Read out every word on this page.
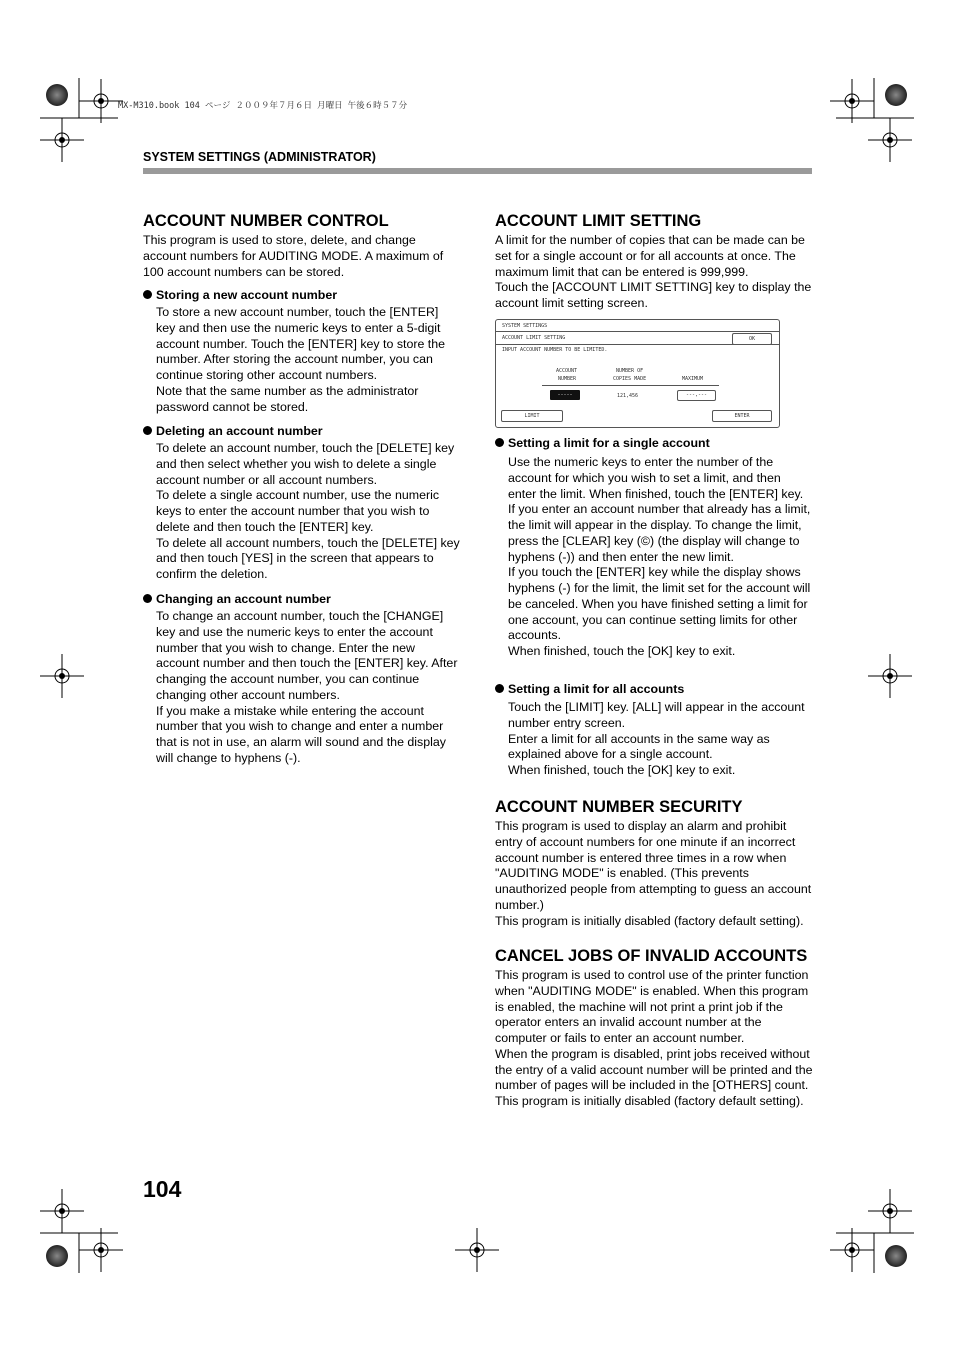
MX-M310.book 104 ページ ２００９年７月６日 月曜日 午後６時５７分
SYSTEM SETTINGS (ADMINISTRATOR)
ACCOUNT NUMBER CONTROL

This program is used to store, delete, and change account numbers for AUDITING MODE. A maximum of 100 account numbers can be stored.

Storing a new account number

To store a new account number, touch the [ENTER] key and then use the numeric keys to enter a 5-digit account number. Touch the [ENTER] key to store the number. After storing the account number, you can continue storing other account numbers.
Note that the same number as the administrator password cannot be stored.

Deleting an account number

To delete an account number, touch the [DELETE] key and then select whether you wish to delete a single account number or all account numbers.
To delete a single account number, use the numeric keys to enter the account number that you wish to delete and then touch the [ENTER] key.
To delete all account numbers, touch the [DELETE] key and then touch [YES] in the screen that appears to confirm the deletion.

Changing an account number

To change an account number, touch the [CHANGE] key and use the numeric keys to enter the account number that you wish to change. Enter the new account number and then touch the [ENTER] key. After changing the account number, you can continue changing other account numbers.
If you make a mistake while entering the account number that you wish to change and enter a number that is not in use, an alarm will sound and the display will change to hyphens (-).

ACCOUNT LIMIT SETTING

A limit for the number of copies that can be made can be set for a single account or for all accounts at once. The maximum limit that can be entered is 999,999.
Touch the [ACCOUNT LIMIT SETTING] key to display the account limit setting screen.

SYSTEM SETTINGS
ACCOUNT LIMIT SETTING	OK
INPUT ACCOUNT NUMBER TO BE LIMITED.
ACCOUNT
NUMBER
NUMBER OF
COPIES MADE	MAXIMUM
-----	121,456	---,---
LIMIT	ENTER
Setting a limit for a single account

Use the numeric keys to enter the number of the account for which you wish to set a limit, and then enter the limit. When finished, touch the [ENTER] key.
If you enter an account number that already has a limit, the limit will appear in the display. To change the limit, press the [CLEAR] key (©) (the display will change to hyphens (-)) and then enter the new limit.
If you touch the [ENTER] key while the display shows hyphens (-) for the limit, the limit set for the account will be canceled. When you have finished setting a limit for one account, you can continue setting limits for other accounts.
When finished, touch the [OK] key to exit.

Setting a limit for all accounts

Touch the [LIMIT] key. [ALL] will appear in the account number entry screen.
Enter a limit for all accounts in the same way as explained above for a single account.
When finished, touch the [OK] key to exit.

ACCOUNT NUMBER SECURITY

This program is used to display an alarm and prohibit entry of account numbers for one minute if an incorrect account number is entered three times in a row when "AUDITING MODE" is enabled. (This prevents unauthorized people from attempting to guess an account number.)
This program is initially disabled (factory default setting).

CANCEL JOBS OF INVALID ACCOUNTS

This program is used to control use of the printer function when "AUDITING MODE" is enabled. When this program is enabled, the machine will not print a print job if the operator enters an invalid account number at the computer or fails to enter an account number.
When the program is disabled, print jobs received without the entry of a valid account number will be printed and the number of pages will be included in the [OTHERS] count.
This program is initially disabled (factory default setting).

104
